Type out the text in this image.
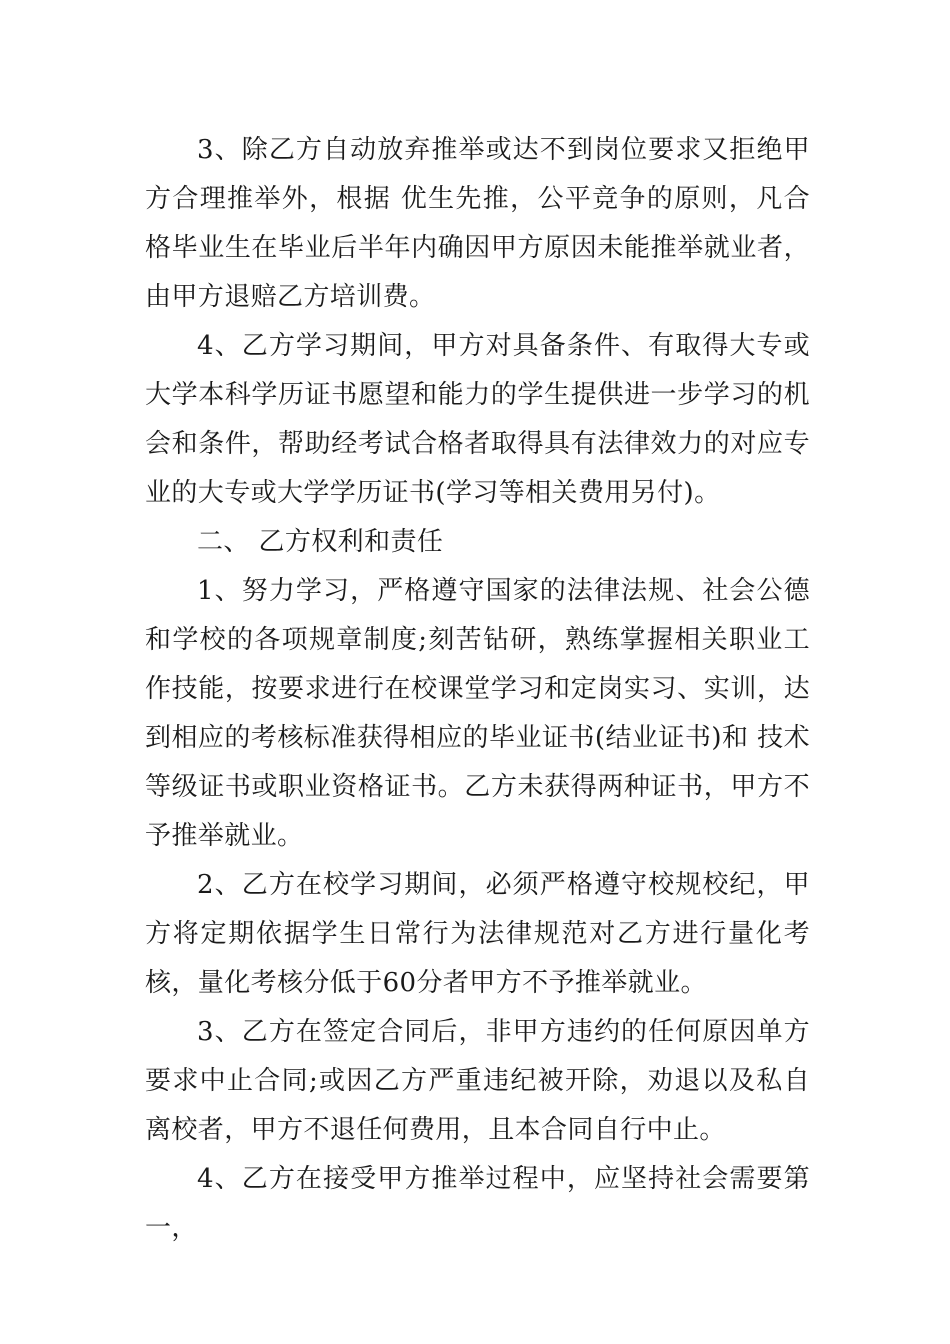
3、除乙方自动放弃推举或达不到岗位要求又拒绝甲方合理推举外，根据 优生先推，公平竞争的原则，凡合格毕业生在毕业后半年内确因甲方原因未能推举就业者，由甲方退赔乙方培训费。

4、乙方学习期间，甲方对具备条件、有取得大专或大学本科学历证书愿望和能力的学生提供进一步学习的机会和条件，帮助经考试合格者取得具有法律效力的对应专业的大专或大学学历证书(学习等相关费用另付)。

二、 乙方权利和责任

1、努力学习，严格遵守国家的法律法规、社会公德和学校的各项规章制度;刻苦钻研，熟练掌握相关职业工作技能，按要求进行在校课堂学习和定岗实习、实训，达到相应的考核标准获得相应的毕业证书(结业证书)和 技术等级证书或职业资格证书。乙方未获得两种证书，甲方不予推举就业。

2、乙方在校学习期间，必须严格遵守校规校纪，甲方将定期依据学生日常行为法律规范对乙方进行量化考核，量化考核分低于60分者甲方不予推举就业。

3、乙方在签定合同后，非甲方违约的任何原因单方要求中止合同;或因乙方严重违纪被开除，劝退以及私自离校者，甲方不退任何费用，且本合同自行中止。

4、乙方在接受甲方推举过程中，应坚持社会需要第一，
